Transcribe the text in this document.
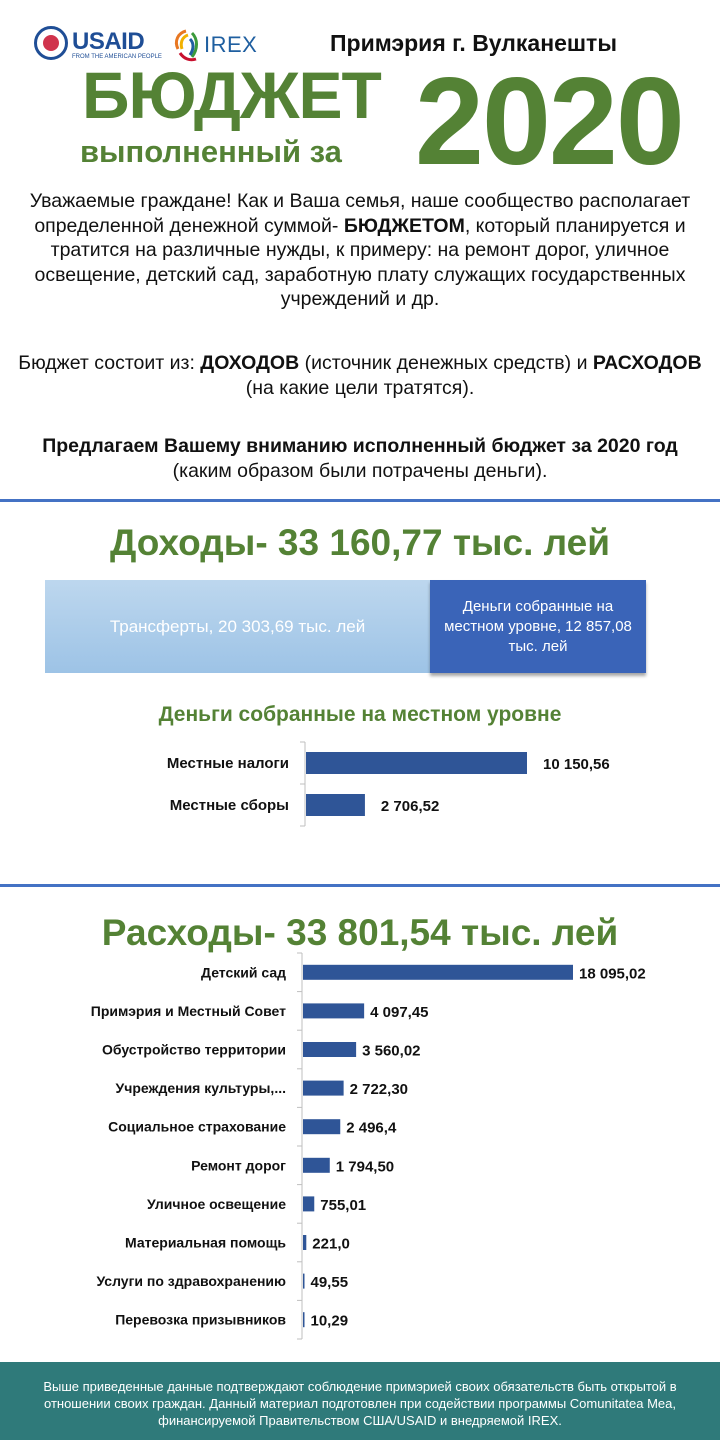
USAID
FROM THE AMERICAN PEOPLE IREX	Примэрия г. Вулканешты
БЮДЖЕТ
выполненный за 2020
Уважаемые граждане! Как и Ваша семья, наше сообщество располагает определенной денежной суммой- БЮДЖЕТОМ, который планируется и тратится на различные нужды, к примеру: на ремонт дорог, уличное освещение, детский сад, заработную плату служащих государственных учреждений и др.
Бюджет состоит из: ДОХОДОВ (источник денежных средств) и РАСХОДОВ (на какие цели тратятся).
Предлагаем Вашему вниманию исполненный бюджет за 2020 год
(каким образом были потрачены деньги).
Доходы- 33 160,77 тыс. лей
Трансферты, 20 303,69 тыс. лей
Деньги собранные на местном уровне, 12 857,08 тыс. лей
Деньги собранные на местном уровне
Местные налоги	10 150,56
Местные сборы	2 706,52
Расходы- 33 801,54 тыс. лей
Детский сад	18 095,02
Примэрия и Местный Совет	4 097,45
Обустройство территории	3 560,02
Учреждения культуры,...	2 722,30
Социальное страхование	2 496,4
Ремонт дорог	1 794,50
Уличное освещение 755,01
Материальная помощь 221,0
Услуги по здравохранению 49,55
Перевозка призывников 10,29
Выше приведенные данные подтверждают соблюдение примэрией своих обязательств быть открытой в отношении своих граждан. Данный материал подготовлен при содействии программы Comunitatea Mea, финансируемой Правительством США/USAID и внедряемой IREX.
